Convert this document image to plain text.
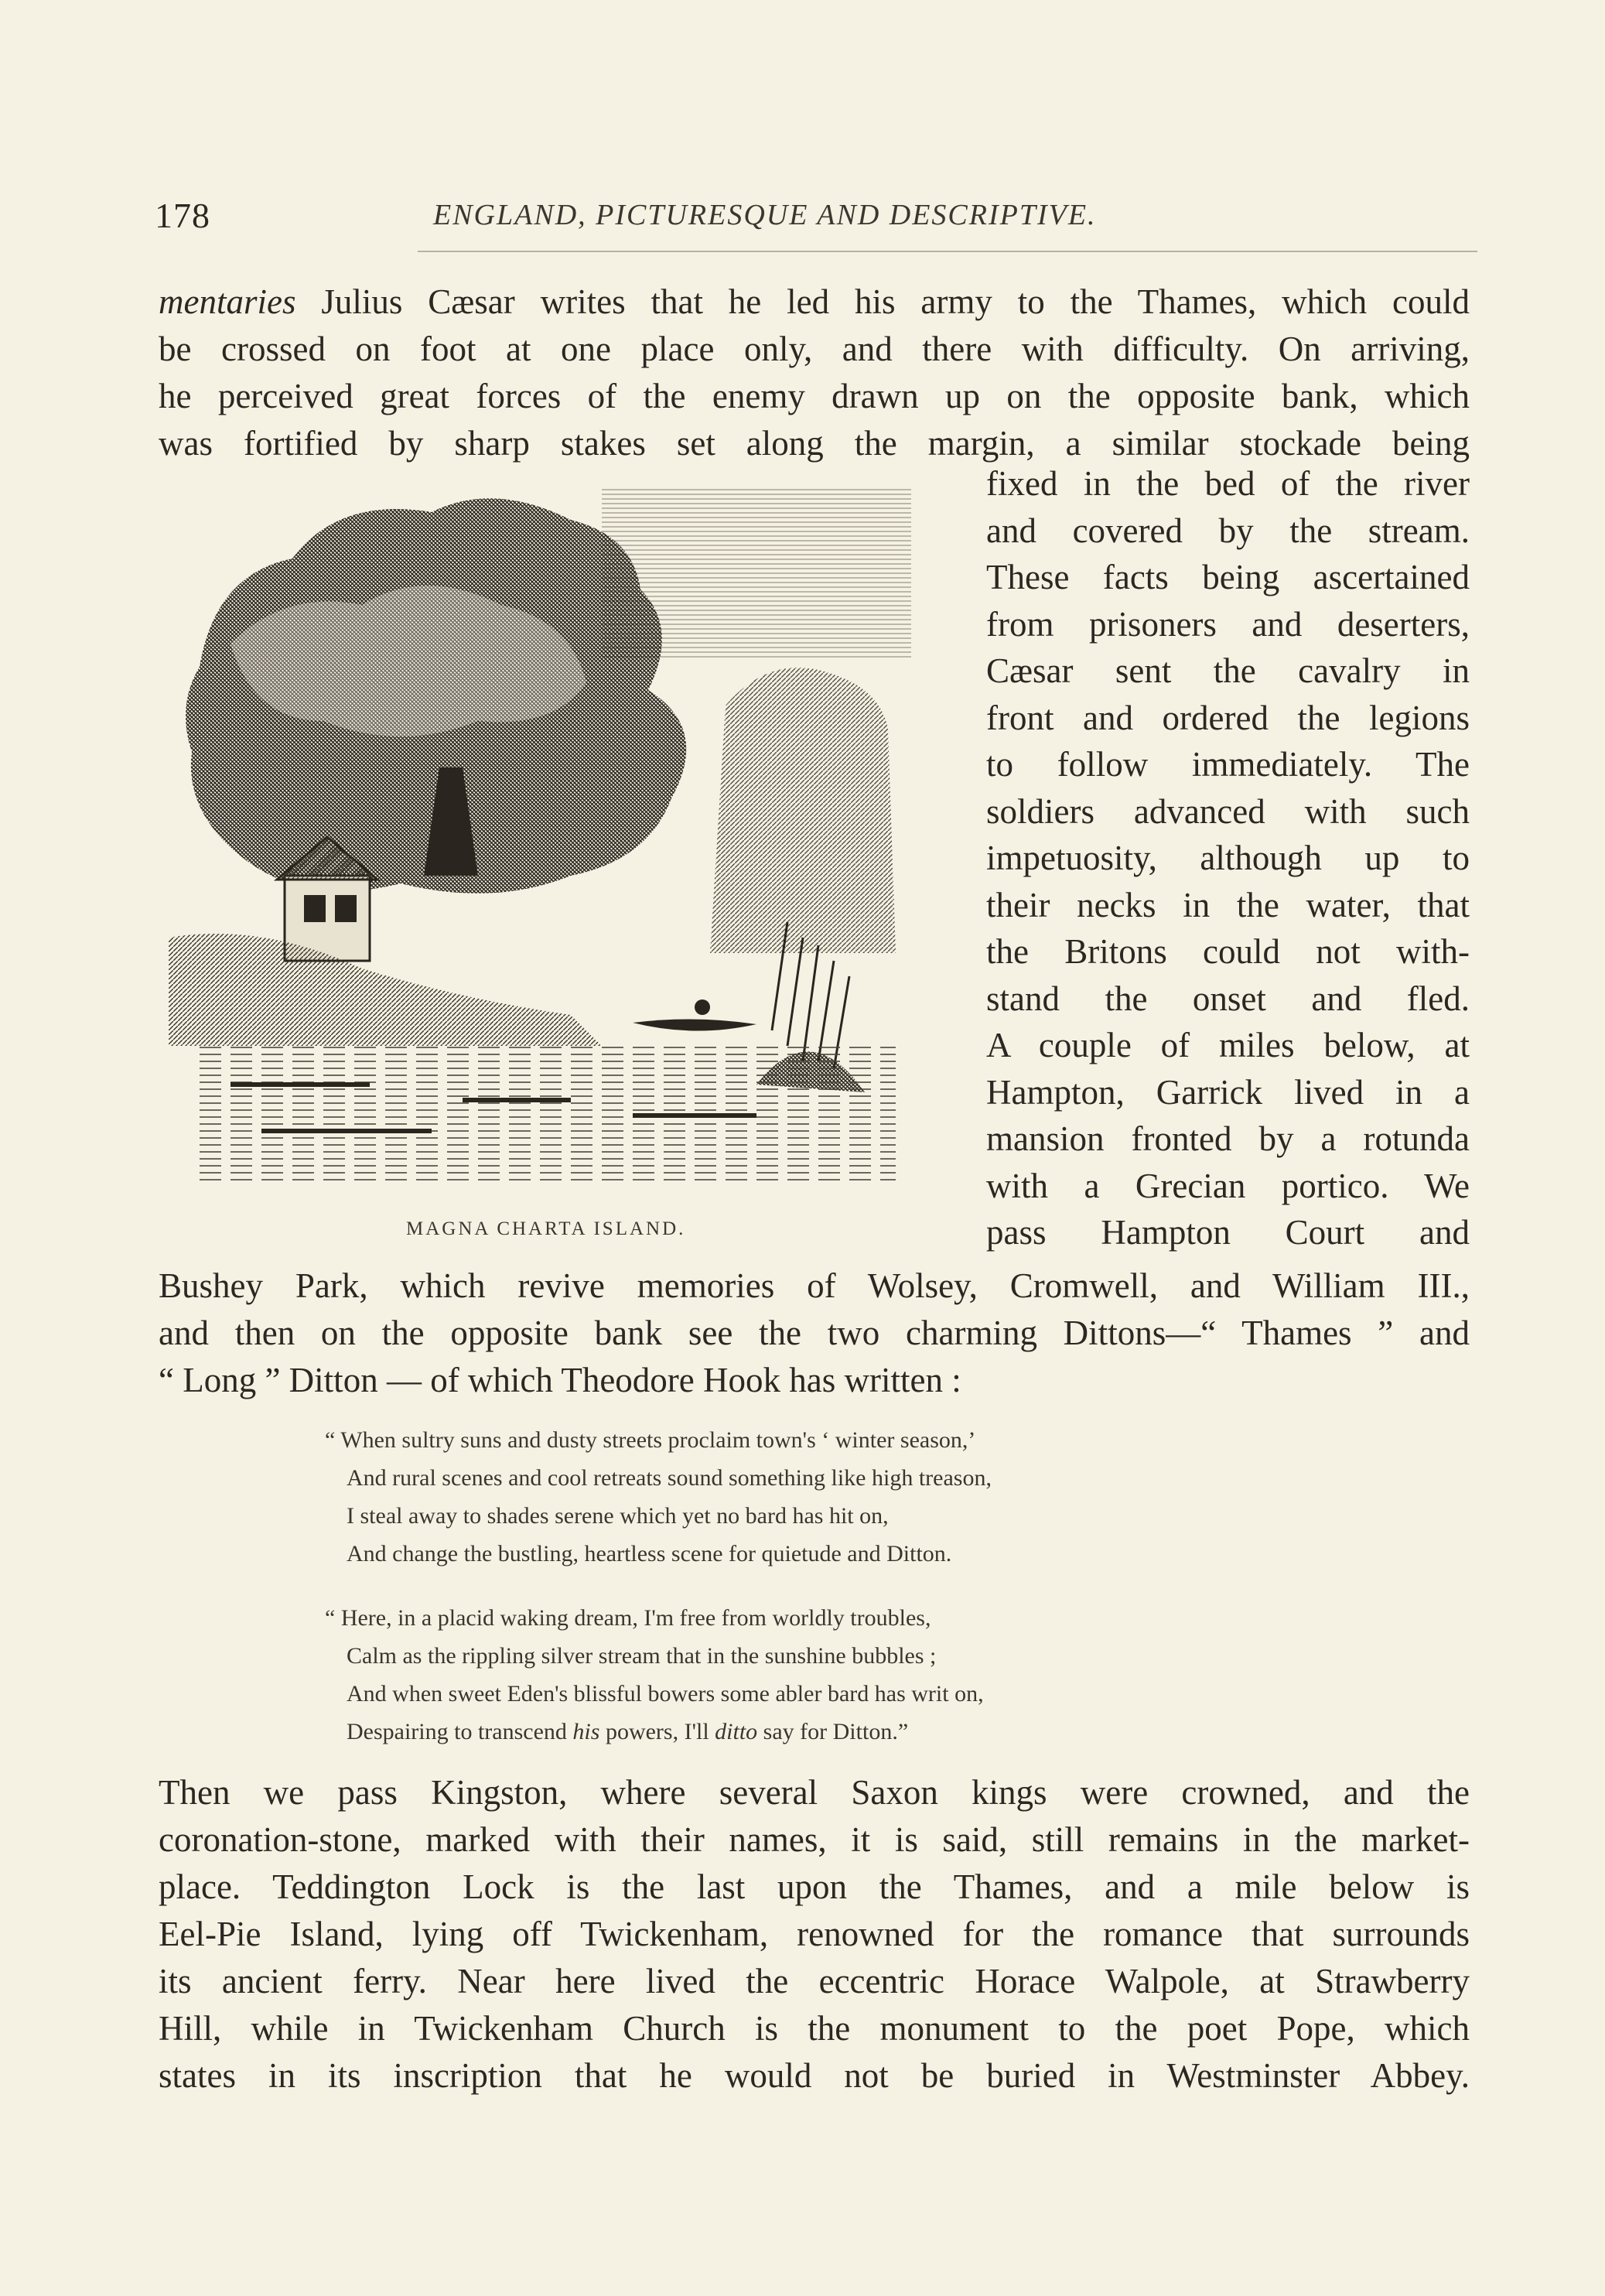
178	ENGLAND, PICTURESQUE AND DESCRIPTIVE.
mentaries Julius Cæsar writes that he led his army to the Thames, which could
be crossed on foot at one place only, and there with difficulty. On arriving,
he perceived great forces of the enemy drawn up on the opposite bank, which
was fortified by sharp stakes set along the margin, a similar stockade being
MAGNA CHARTA ISLAND.
fixed in the bed of the river
and covered by the stream.
These facts being ascertained
from prisoners and deserters,
Cæsar sent the cavalry in
front and ordered the legions
to follow immediately. The
soldiers advanced with such
impetuosity, although up to
their necks in the water, that
the Britons could not with-
stand the onset and fled.
A couple of miles below, at
Hampton, Garrick lived in a
mansion fronted by a rotunda
with a Grecian portico. We
pass Hampton Court and
Bushey Park, which revive memories of Wolsey, Cromwell, and William III.,
and then on the opposite bank see the two charming Dittons—“ Thames ” and
“ Long ” Ditton — of which Theodore Hook has written :
“ When sultry suns and dusty streets proclaim town's ‘ winter season,’
And rural scenes and cool retreats sound something like high treason,
I steal away to shades serene which yet no bard has hit on,
And change the bustling, heartless scene for quietude and Ditton.
“ Here, in a placid waking dream, I'm free from worldly troubles,
Calm as the rippling silver stream that in the sunshine bubbles ;
And when sweet Eden's blissful bowers some abler bard has writ on,
Despairing to transcend his powers, I'll ditto say for Ditton.”
Then we pass Kingston, where several Saxon kings were crowned, and the
coronation-stone, marked with their names, it is said, still remains in the market-
place. Teddington Lock is the last upon the Thames, and a mile below is
Eel-Pie Island, lying off Twickenham, renowned for the romance that surrounds
its ancient ferry. Near here lived the eccentric Horace Walpole, at Strawberry
Hill, while in Twickenham Church is the monument to the poet Pope, which
states in its inscription that he would not be buried in Westminster Abbey.
